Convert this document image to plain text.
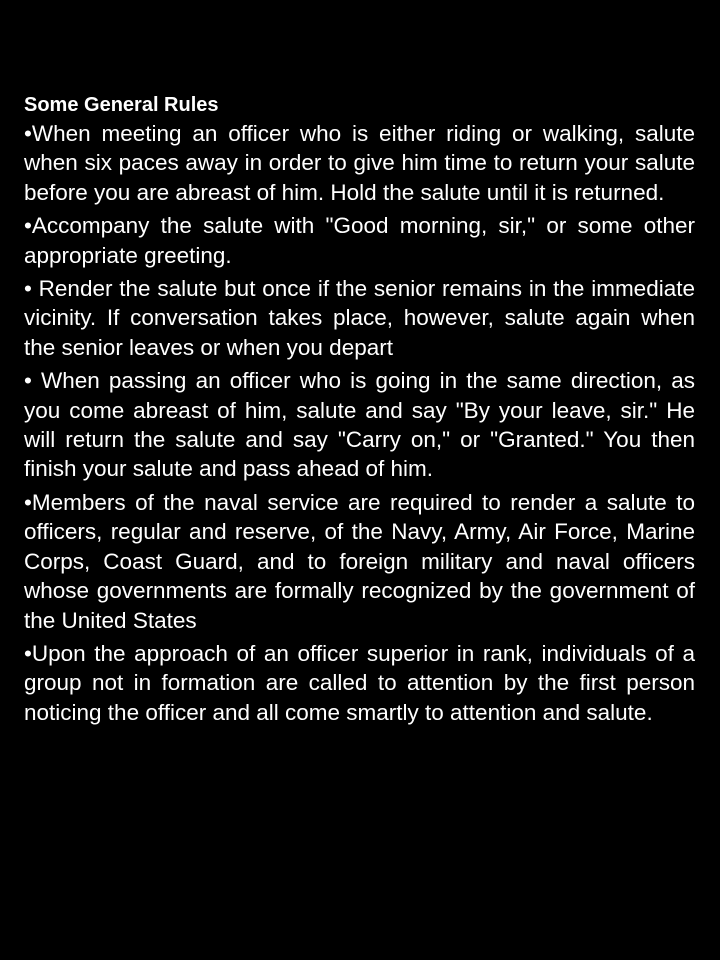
Some General Rules

•When meeting an officer who is either riding or walking, salute when six paces away in order to give him time to return your salute before you are abreast of him. Hold the salute until it is returned.

•Accompany the salute with "Good morning, sir," or some other appropriate greeting.

• Render the salute but once if the senior remains in the immediate vicinity. If conversation takes place, however, salute again when the senior leaves or when you depart

• When passing an officer who is going in the same direction, as you come abreast of him, salute and say "By your leave, sir." He will return the salute and say "Carry on," or "Granted." You then finish your salute and pass ahead of him.

•Members of the naval service are required to render a salute to officers, regular and reserve, of the Navy, Army, Air Force, Marine Corps, Coast Guard, and to foreign military and naval officers whose governments are formally recognized by the government of the United States

•Upon the approach of an officer superior in rank, individuals of a group not in formation are called to attention by the first person noticing the officer and all come smartly to attention and salute.
